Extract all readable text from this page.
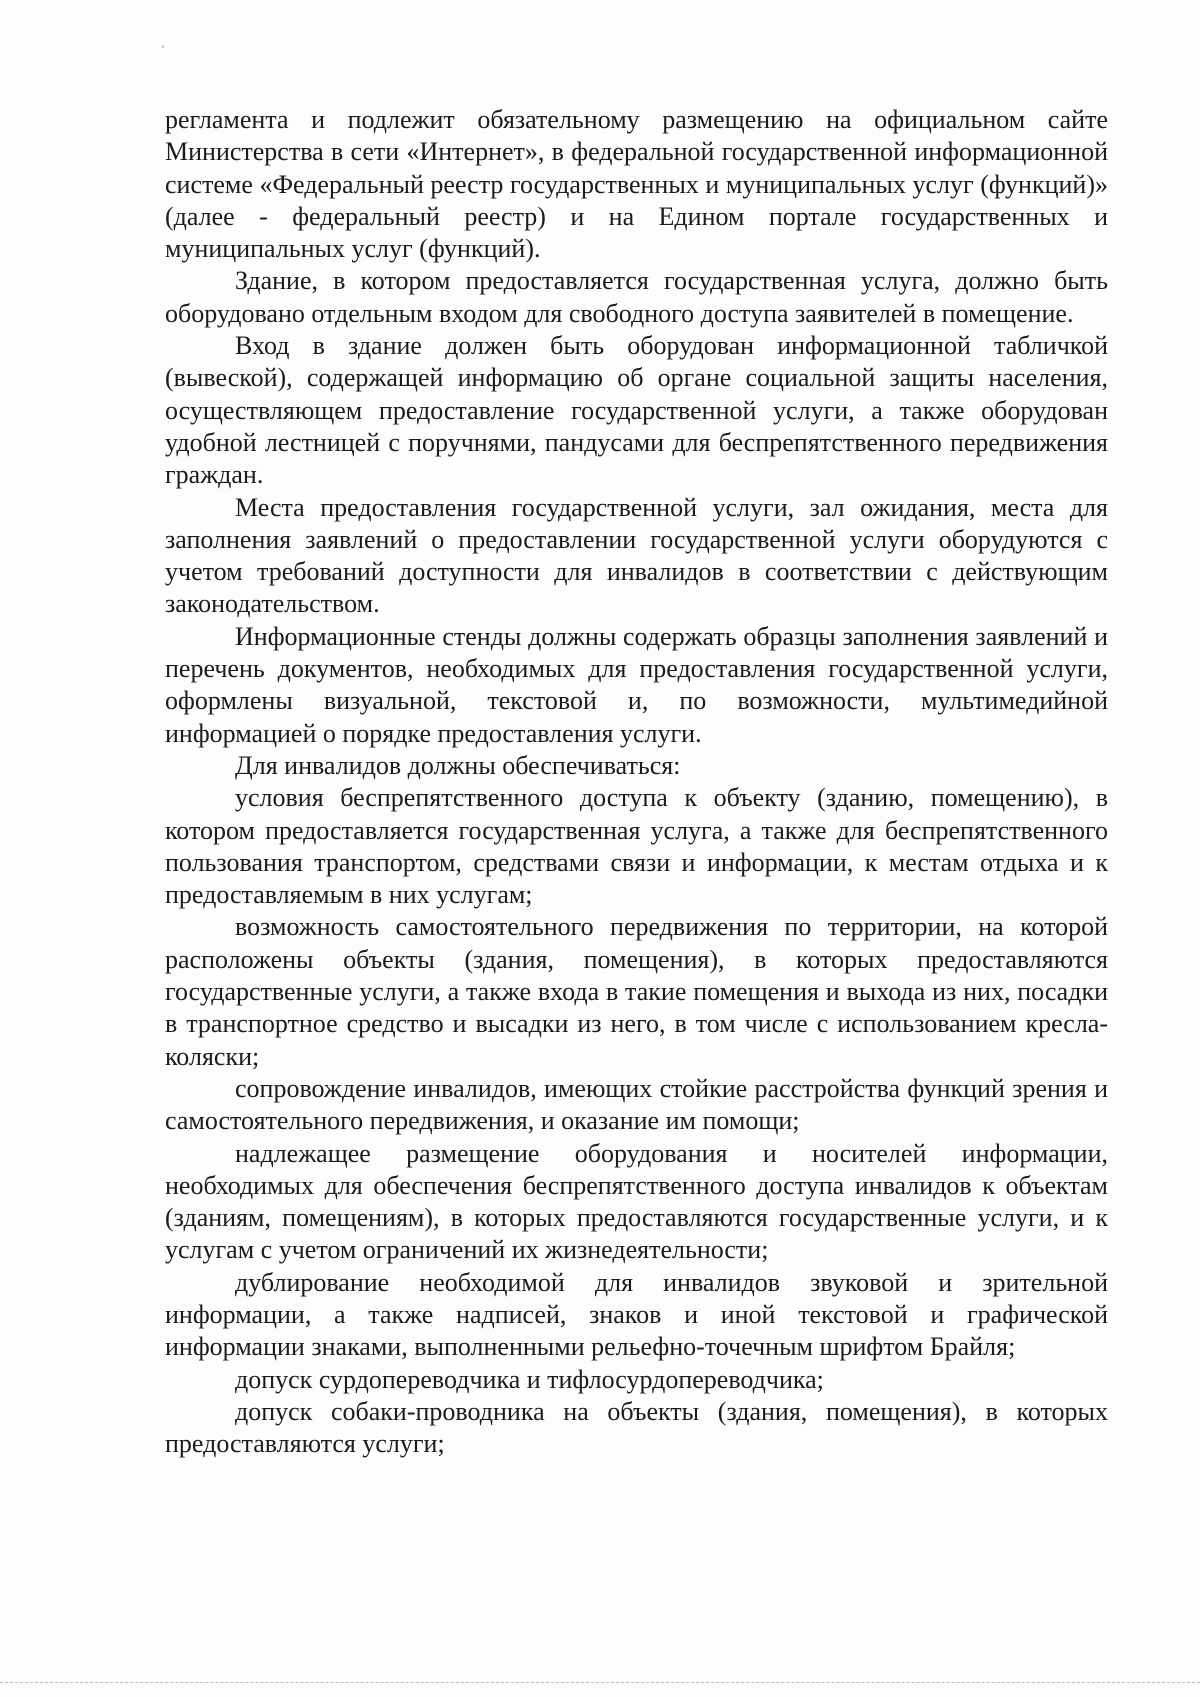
регламента и подлежит обязательному размещению на официальном сайте Министерства в сети «Интернет», в федеральной государственной информационной системе «Федеральный реестр государственных и муниципальных услуг (функций)» (далее - федеральный реестр) и на Едином портале государственных и муниципальных услуг (функций).

Здание, в котором предоставляется государственная услуга, должно быть оборудовано отдельным входом для свободного доступа заявителей в помещение.

Вход в здание должен быть оборудован информационной табличкой (вывеской), содержащей информацию об органе социальной защиты населения, осуществляющем предоставление государственной услуги, а также оборудован удобной лестницей с поручнями, пандусами для беспрепятственного передвижения граждан.

Места предоставления государственной услуги, зал ожидания, места для заполнения заявлений о предоставлении государственной услуги оборудуются с учетом требований доступности для инвалидов в соответствии с действующим законодательством.

Информационные стенды должны содержать образцы заполнения заявлений и перечень документов, необходимых для предоставления государственной услуги, оформлены визуальной, текстовой и, по возможности, мультимедийной информацией о порядке предоставления услуги.

Для инвалидов должны обеспечиваться:

условия беспрепятственного доступа к объекту (зданию, помещению), в котором предоставляется государственная услуга, а также для беспрепятственного пользования транспортом, средствами связи и информации, к местам отдыха и к предоставляемым в них услугам;

возможность самостоятельного передвижения по территории, на которой расположены объекты (здания, помещения), в которых предоставляются государственные услуги, а также входа в такие помещения и выхода из них, посадки в транспортное средство и высадки из него, в том числе с использованием кресла-коляски;

сопровождение инвалидов, имеющих стойкие расстройства функций зрения и самостоятельного передвижения, и оказание им помощи;

надлежащее размещение оборудования и носителей информации, необходимых для обеспечения беспрепятственного доступа инвалидов к объектам (зданиям, помещениям), в которых предоставляются государственные услуги, и к услугам с учетом ограничений их жизнедеятельности;

дублирование необходимой для инвалидов звуковой и зрительной информации, а также надписей, знаков и иной текстовой и графической информации знаками, выполненными рельефно-точечным шрифтом Брайля;

допуск сурдопереводчика и тифлосурдопереводчика;

допуск собаки-проводника на объекты (здания, помещения), в которых предоставляются услуги;
